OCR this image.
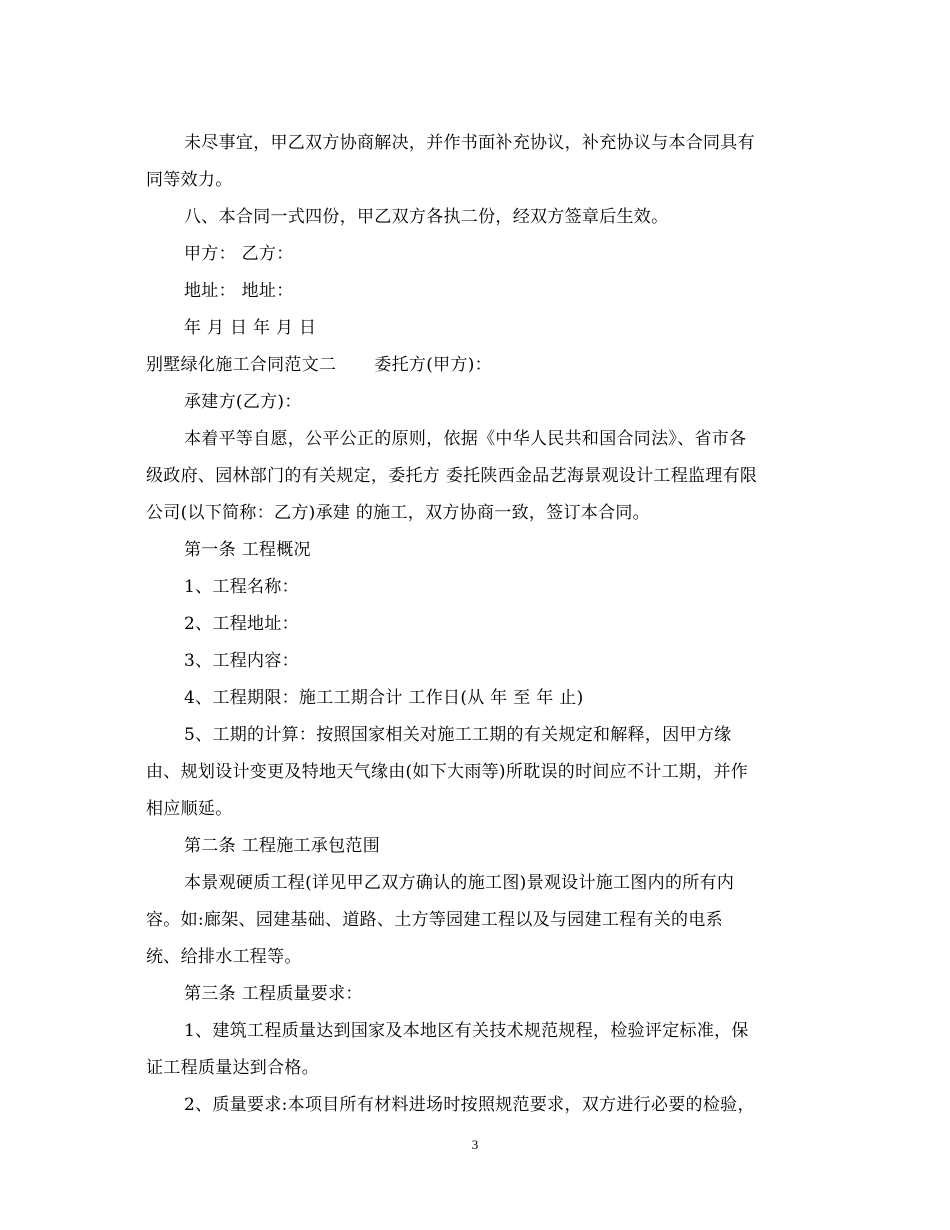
未尽事宜，甲乙双方协商解决，并作书面补充协议，补充协议与本合同具有
同等效力。
八、本合同一式四份，甲乙双方各执二份，经双方签章后生效。
甲方： 乙方：
地址： 地址：
年 月 日 年 月 日
别墅绿化施工合同范文二 委托方(甲方)：
承建方(乙方)：
本着平等自愿，公平公正的原则，依据《中华人民共和国合同法》、省市各
级政府、园林部门的有关规定，委托方 委托陕西金品艺海景观设计工程监理有限
公司(以下简称：乙方)承建 的施工，双方协商一致，签订本合同。
第一条 工程概况
1、工程名称：
2、工程地址：
3、工程内容：
4、工程期限：施工工期合计 工作日(从 年 至 年 止)
5、工期的计算：按照国家相关对施工工期的有关规定和解释，因甲方缘
由、规划设计变更及特地天气缘由(如下大雨等)所耽误的时间应不计工期，并作
相应顺延。
第二条 工程施工承包范围
本景观硬质工程(详见甲乙双方确认的施工图)景观设计施工图内的所有内
容。如:廊架、园建基础、道路、土方等园建工程以及与园建工程有关的电系
统、给排水工程等。
第三条 工程质量要求：
1、建筑工程质量达到国家及本地区有关技术规范规程，检验评定标准，保
证工程质量达到合格。
2、质量要求:本项目所有材料进场时按照规范要求，双方进行必要的检验，
3
